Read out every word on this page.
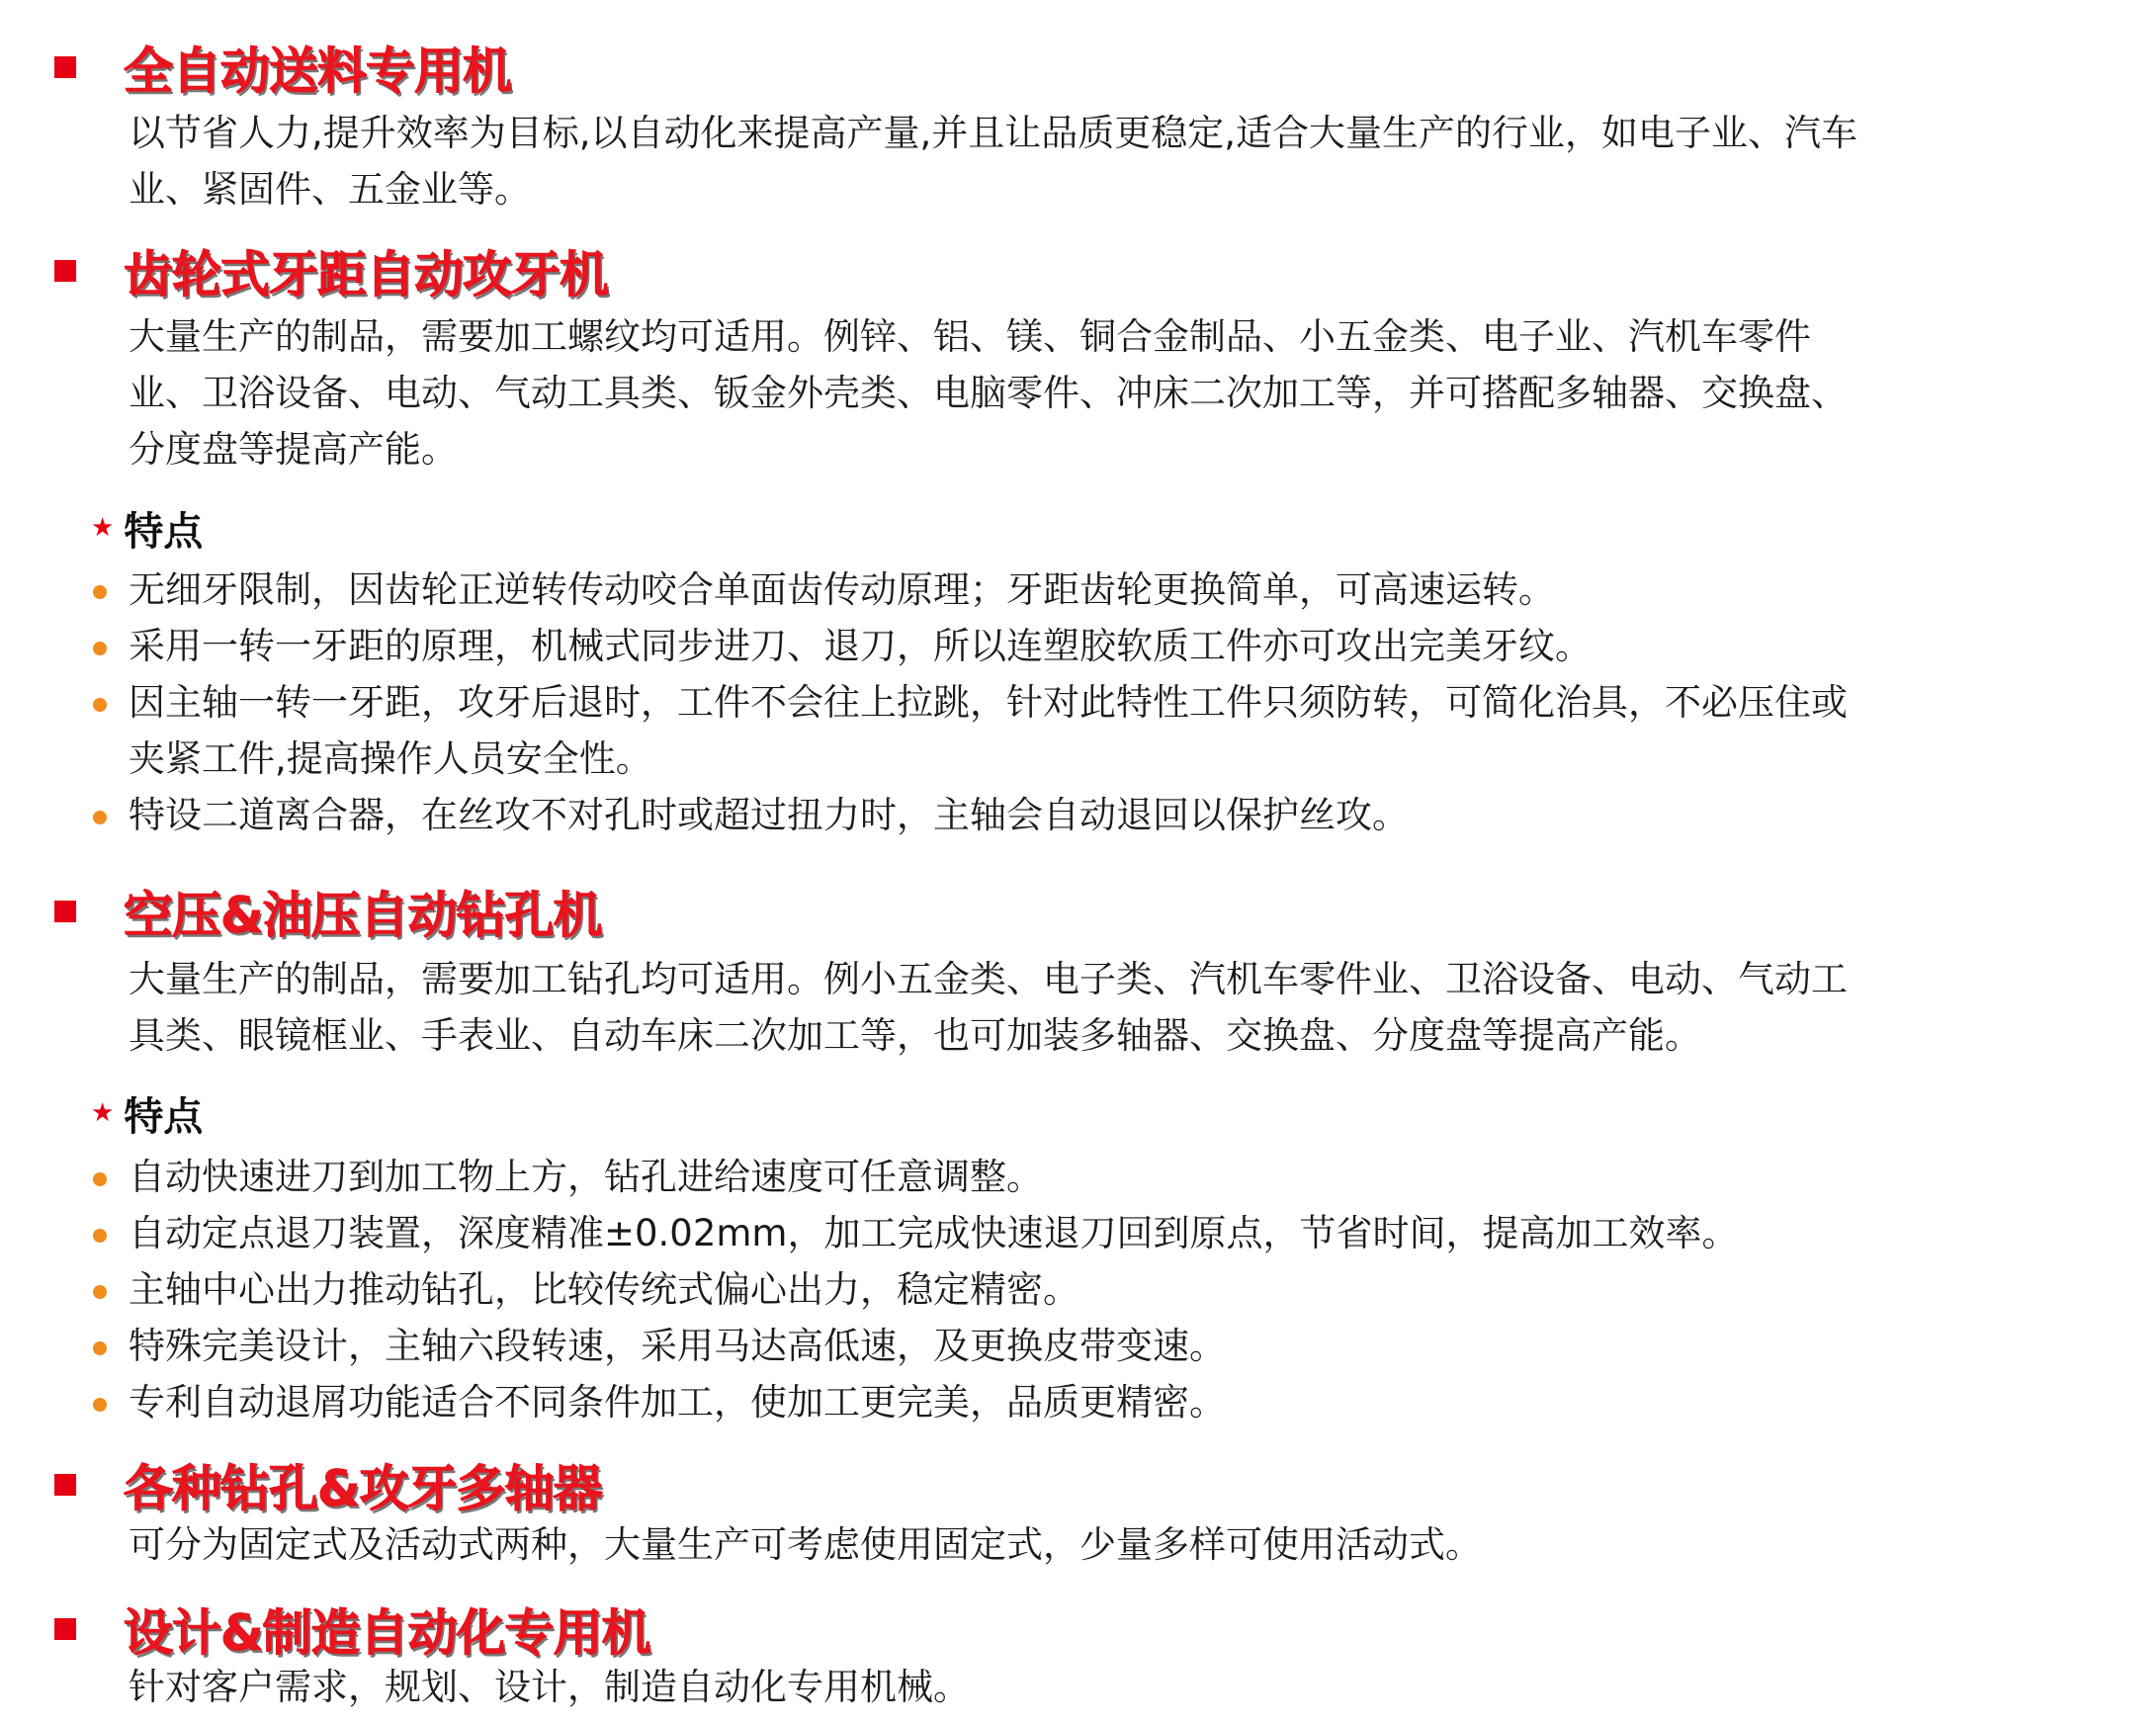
全自动送料专用机
以节省人力,提升效率为目标,以自动化来提高产量,并且让品质更稳定,适合大量生产的行业，如电子业、汽车
业、紧固件、五金业等。
齿轮式牙距自动攻牙机
大量生产的制品，需要加工螺纹均可适用。例锌、铝、镁、铜合金制品、小五金类、电子业、汽机车零件
业、卫浴设备、电动、气动工具类、钣金外壳类、电脑零件、冲床二次加工等，并可搭配多轴器、交换盘、
分度盘等提高产能。
★ 特点
无细牙限制，因齿轮正逆转传动咬合单面齿传动原理；牙距齿轮更换简单，可高速运转。
采用一转一牙距的原理，机械式同步进刀、退刀，所以连塑胶软质工件亦可攻出完美牙纹。
因主轴一转一牙距，攻牙后退时，工件不会往上拉跳，针对此特性工件只须防转，可简化治具，不必压住或
夹紧工件,提高操作人员安全性。
特设二道离合器，在丝攻不对孔时或超过扭力时，主轴会自动退回以保护丝攻。
空压&油压自动钻孔机
大量生产的制品，需要加工钻孔均可适用。例小五金类、电子类、汽机车零件业、卫浴设备、电动、气动工
具类、眼镜框业、手表业、自动车床二次加工等，也可加装多轴器、交换盘、分度盘等提高产能。
★ 特点
自动快速进刀到加工物上方，钻孔进给速度可任意调整。
自动定点退刀装置，深度精准±0.02mm，加工完成快速退刀回到原点，节省时间，提高加工效率。
主轴中心出力推动钻孔，比较传统式偏心出力，稳定精密。
特殊完美设计，主轴六段转速，采用马达高低速，及更换皮带变速。
专利自动退屑功能适合不同条件加工，使加工更完美，品质更精密。
各种钻孔&攻牙多轴器
可分为固定式及活动式两种，大量生产可考虑使用固定式，少量多样可使用活动式。
设计&制造自动化专用机
针对客户需求，规划、设计，制造自动化专用机械。
